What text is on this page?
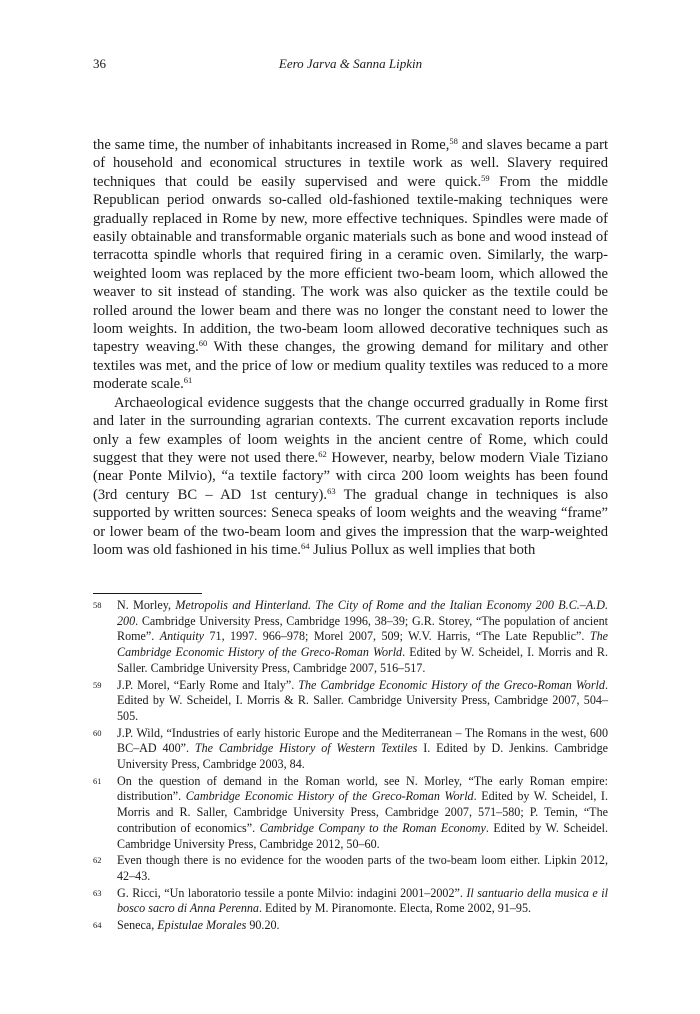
36	Eero Jarva & Sanna Lipkin

the same time, the number of inhabitants increased in Rome,$^{58}$ and slaves became a part of household and economical structures in textile work as well. Slavery required techniques that could be easily supervised and were quick.$^{59}$ From the middle Republican period onwards so-called old-fashioned textile-making techniques were gradually replaced in Rome by new, more effective techniques. Spindles were made of easily obtainable and transformable organic materials such as bone and wood instead of terracotta spindle whorls that required firing in a ceramic oven. Similarly, the warp-weighted loom was replaced by the more efficient two-beam loom, which allowed the weaver to sit instead of standing. The work was also quicker as the textile could be rolled around the lower beam and there was no longer the constant need to lower the loom weights. In addition, the two-beam loom allowed decorative techniques such as tapestry weaving.$^{60}$ With these changes, the growing demand for military and other textiles was met, and the price of low or medium quality textiles was reduced to a more moderate scale.$^{61}$

Archaeological evidence suggests that the change occurred gradually in Rome first and later in the surrounding agrarian contexts. The current excavation reports include only a few examples of loom weights in the ancient centre of Rome, which could suggest that they were not used there.$^{62}$ However, nearby, below modern Viale Tiziano (near Ponte Milvio), “a textile factory” with circa 200 loom weights has been found (3rd century BC – AD 1st century).$^{63}$ The gradual change in techniques is also supported by written sources: Seneca speaks of loom weights and the weaving “frame” or lower beam of the two-beam loom and gives the impression that the warp-weighted loom was old fashioned in his time.$^{64}$ Julius Pollux as well implies that both

58 N. Morley, Metropolis and Hinterland. The City of Rome and the Italian Economy 200 B.C.–A.D. 200. Cambridge University Press, Cambridge 1996, 38–39; G.R. Storey, “The population of ancient Rome”. Antiquity 71, 1997. 966–978; Morel 2007, 509; W.V. Harris, “The Late Republic”. The Cambridge Economic History of the Greco-Roman World. Edited by W. Scheidel, I. Morris and R. Saller. Cambridge University Press, Cambridge 2007, 516–517.
59 J.P. Morel, “Early Rome and Italy”. The Cambridge Economic History of the Greco-Roman World. Edited by W. Scheidel, I. Morris & R. Saller. Cambridge University Press, Cambridge 2007, 504–505.
60 J.P. Wild, “Industries of early historic Europe and the Mediterranean – The Romans in the west, 600 BC–AD 400”. The Cambridge History of Western Textiles I. Edited by D. Jenkins. Cambridge University Press, Cambridge 2003, 84.
61 On the question of demand in the Roman world, see N. Morley, “The early Roman empire: distribution”. Cambridge Economic History of the Greco-Roman World. Edited by W. Scheidel, I. Morris and R. Saller, Cambridge University Press, Cambridge 2007, 571–580; P. Temin, “The contribution of economics”. Cambridge Company to the Roman Economy. Edited by W. Scheidel. Cambridge University Press, Cambridge 2012, 50–60.
62 Even though there is no evidence for the wooden parts of the two-beam loom either. Lipkin 2012, 42–43.
63 G. Ricci, “Un laboratorio tessile a ponte Milvio: indagini 2001–2002”. Il santuario della musica e il bosco sacro di Anna Perenna. Edited by M. Piranomonte. Electa, Rome 2002, 91–95.
64 Seneca, Epistulae Morales 90.20.
